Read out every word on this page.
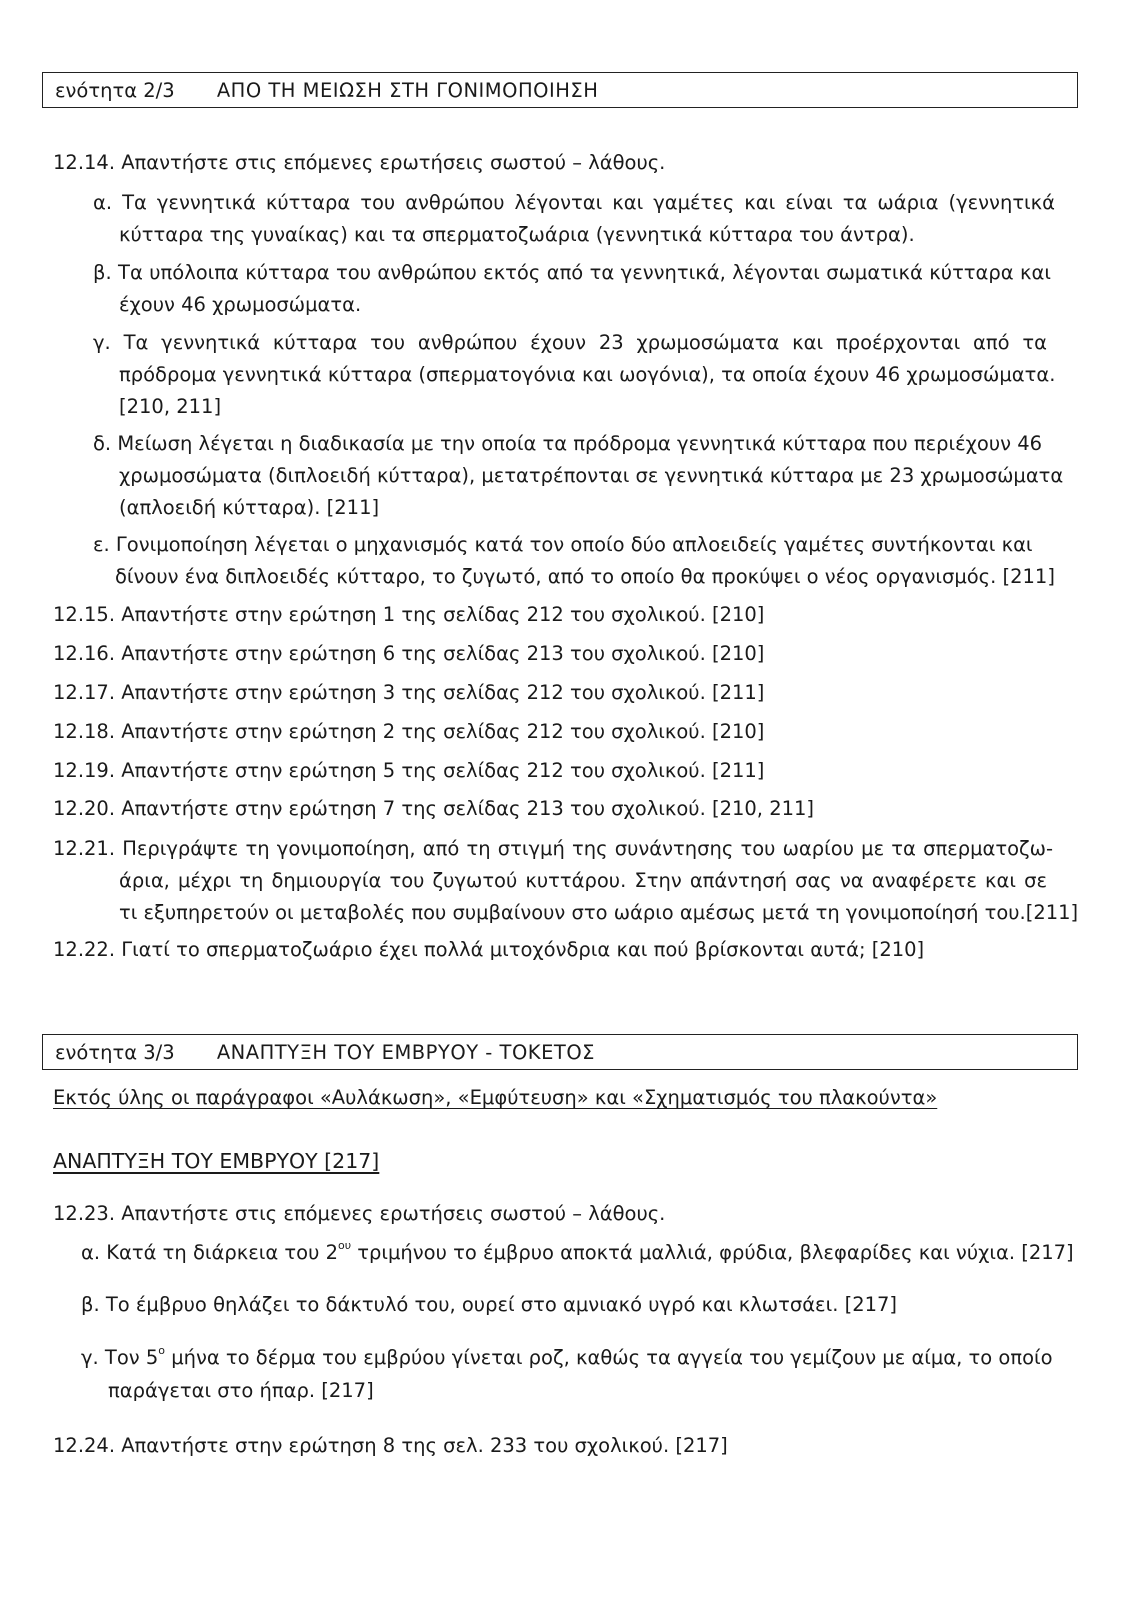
ενότητα 2/3 ΑΠΟ ΤΗ ΜΕΙΩΣΗ ΣΤΗ ΓΟΝΙΜΟΠΟΙΗΣΗ
12.14. Απαντήστε στις επόμενες ερωτήσεις σωστού – λάθους.
α. Τα γεννητικά κύτταρα του ανθρώπου λέγονται και γαμέτες και είναι τα ωάρια (γεννητικά
κύτταρα της γυναίκας) και τα σπερματοζωάρια (γεννητικά κύτταρα του άντρα).
β. Τα υπόλοιπα κύτταρα του ανθρώπου εκτός από τα γεννητικά, λέγονται σωματικά κύτταρα και
έχουν 46 χρωμοσώματα.
γ. Τα γεννητικά κύτταρα του ανθρώπου έχουν 23 χρωμοσώματα και προέρχονται από τα
πρόδρομα γεννητικά κύτταρα (σπερματογόνια και ωογόνια), τα οποία έχουν 46 χρωμοσώματα.
[210, 211]
δ. Μείωση λέγεται η διαδικασία με την οποία τα πρόδρομα γεννητικά κύτταρα που περιέχουν 46
χρωμοσώματα (διπλοειδή κύτταρα), μετατρέπονται σε γεννητικά κύτταρα με 23 χρωμοσώματα
(απλοειδή κύτταρα). [211]
ε. Γονιμοποίηση λέγεται ο μηχανισμός κατά τον οποίο δύο απλοειδείς γαμέτες συντήκονται και
δίνουν ένα διπλοειδές κύτταρο, το ζυγωτό, από το οποίο θα προκύψει ο νέος οργανισμός. [211]
12.15. Απαντήστε στην ερώτηση 1 της σελίδας 212 του σχολικού. [210]
12.16. Απαντήστε στην ερώτηση 6 της σελίδας 213 του σχολικού. [210]
12.17. Απαντήστε στην ερώτηση 3 της σελίδας 212 του σχολικού. [211]
12.18. Απαντήστε στην ερώτηση 2 της σελίδας 212 του σχολικού. [210]
12.19. Απαντήστε στην ερώτηση 5 της σελίδας 212 του σχολικού. [211]
12.20. Απαντήστε στην ερώτηση 7 της σελίδας 213 του σχολικού. [210, 211]
12.21. Περιγράψτε τη γονιμοποίηση, από τη στιγμή της συνάντησης του ωαρίου με τα σπερματοζω-
άρια, μέχρι τη δημιουργία του ζυγωτού κυττάρου. Στην απάντησή σας να αναφέρετε και σε
τι εξυπηρετούν οι μεταβολές που συμβαίνουν στο ωάριο αμέσως μετά τη γονιμοποίησή του.[211]
12.22. Γιατί το σπερματοζωάριο έχει πολλά μιτοχόνδρια και πού βρίσκονται αυτά; [210]
ενότητα 3/3 ΑΝΑΠΤΥΞΗ ΤΟΥ ΕΜΒΡΥΟΥ - ΤΟΚΕΤΟΣ
Εκτός ύλης οι παράγραφοι «Αυλάκωση», «Εμφύτευση» και «Σχηματισμός του πλακούντα»
ΑΝΑΠΤΥΞΗ ΤΟΥ ΕΜΒΡΥΟΥ [217]
12.23. Απαντήστε στις επόμενες ερωτήσεις σωστού – λάθους.
α. Κατά τη διάρκεια του $2^{o\upsilon}$ τριμήνου το έμβρυο αποκτά μαλλιά, φρύδια, βλεφαρίδες και νύχια. [217]
β. Το έμβρυο θηλάζει το δάκτυλό του, ουρεί στο αμνιακό υγρό και κλωτσάει. [217]
γ. Τον $5^o$ μήνα το δέρμα του εμβρύου γίνεται ροζ, καθώς τα αγγεία του γεμίζουν με αίμα, το οποίο
παράγεται στο ήπαρ. [217]
12.24. Απαντήστε στην ερώτηση 8 της σελ. 233 του σχολικού. [217]
